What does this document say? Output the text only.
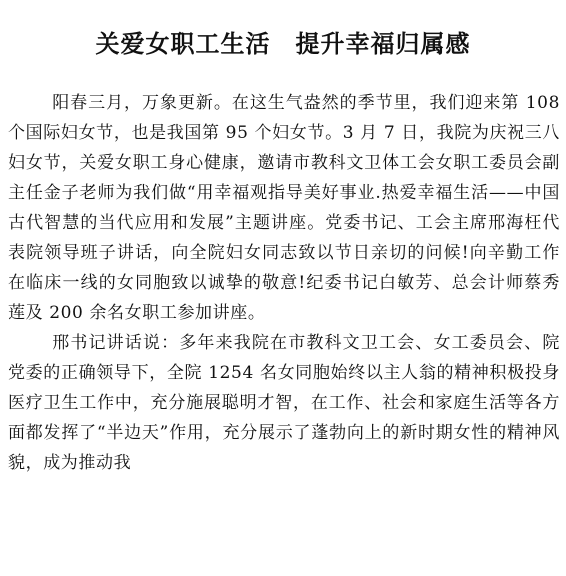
关爱女职工生活　提升幸福归属感

阳春三月，万象更新。在这生气盎然的季节里，我们迎来第 108 个国际妇女节，也是我国第 95 个妇女节。3 月 7 日，我院为庆祝三八妇女节，关爱女职工身心健康，邀请市教科文卫体工会女职工委员会副主任金子老师为我们做“用幸福观指导美好事业.热爱幸福生活——中国古代智慧的当代应用和发展”主题讲座。党委书记、工会主席邢海枉代表院领导班子讲话，向全院妇女同志致以节日亲切的问候!向辛勤工作在临床一线的女同胞致以诚挚的敬意!纪委书记白敏芳、总会计师蔡秀莲及 200 余名女职工参加讲座。

邢书记讲话说：多年来我院在市教科文卫工会、女工委员会、院党委的正确领导下，全院 1254 名女同胞始终以主人翁的精神积极投身医疗卫生工作中，充分施展聪明才智，在工作、社会和家庭生活等各方面都发挥了“半边天”作用，充分展示了蓬勃向上的新时期女性的精神风貌，成为推动我
